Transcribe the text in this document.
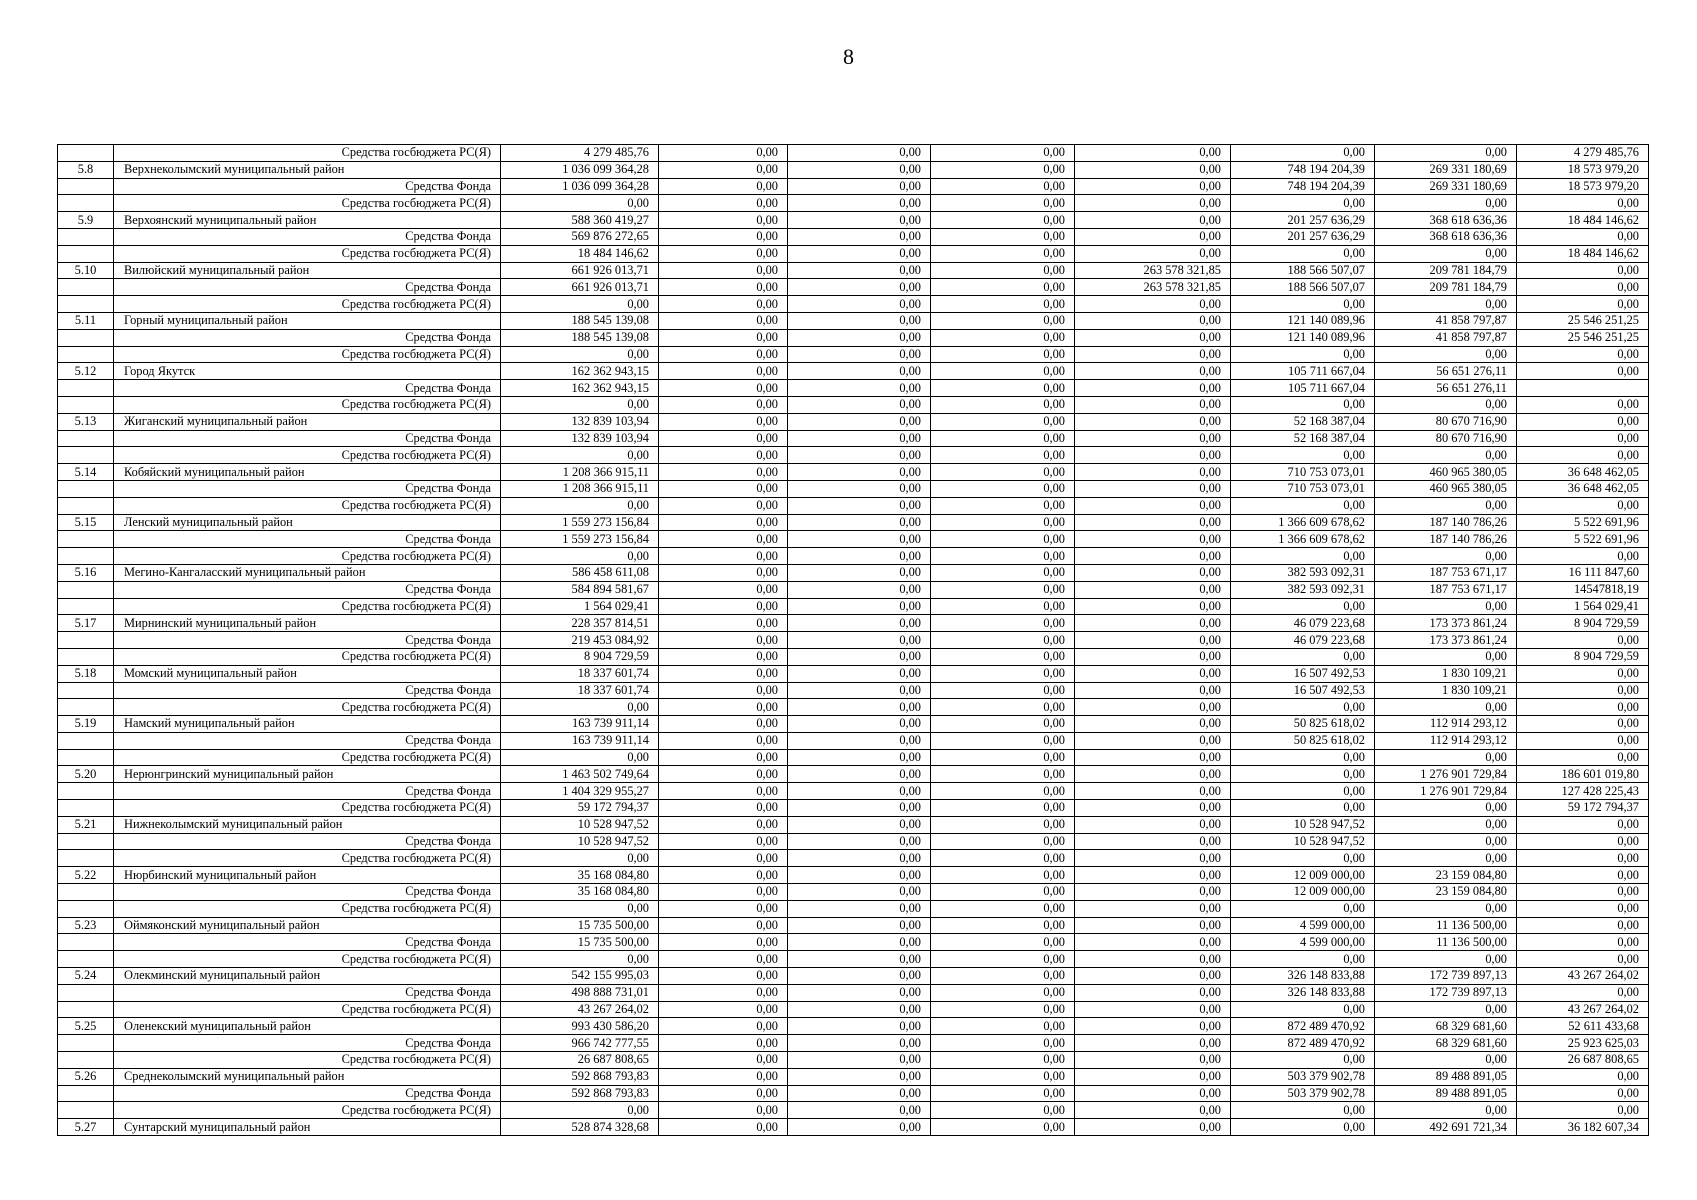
8
	Средства госбюджета РС(Я)	4 279 485,76	0,00	0,00	0,00	0,00	0,00	0,00	4 279 485,76
5.8	Верхнеколымский муниципальный район	1 036 099 364,28	0,00	0,00	0,00	0,00	748 194 204,39	269 331 180,69	18 573 979,20
	Средства Фонда	1 036 099 364,28	0,00	0,00	0,00	0,00	748 194 204,39	269 331 180,69	18 573 979,20
	Средства госбюджета РС(Я)	0,00	0,00	0,00	0,00	0,00	0,00	0,00	0,00
5.9	Верхоянский муниципальный район	588 360 419,27	0,00	0,00	0,00	0,00	201 257 636,29	368 618 636,36	18 484 146,62
	Средства Фонда	569 876 272,65	0,00	0,00	0,00	0,00	201 257 636,29	368 618 636,36	0,00
	Средства госбюджета РС(Я)	18 484 146,62	0,00	0,00	0,00	0,00	0,00	0,00	18 484 146,62
5.10	Вилюйский муниципальный район	661 926 013,71	0,00	0,00	0,00	263 578 321,85	188 566 507,07	209 781 184,79	0,00
	Средства Фонда	661 926 013,71	0,00	0,00	0,00	263 578 321,85	188 566 507,07	209 781 184,79	0,00
	Средства госбюджета РС(Я)	0,00	0,00	0,00	0,00	0,00	0,00	0,00	0,00
5.11	Горный муниципальный район	188 545 139,08	0,00	0,00	0,00	0,00	121 140 089,96	41 858 797,87	25 546 251,25
	Средства Фонда	188 545 139,08	0,00	0,00	0,00	0,00	121 140 089,96	41 858 797,87	25 546 251,25
	Средства госбюджета РС(Я)	0,00	0,00	0,00	0,00	0,00	0,00	0,00	0,00
5.12	Город Якутск	162 362 943,15	0,00	0,00	0,00	0,00	105 711 667,04	56 651 276,11	0,00
	Средства Фонда	162 362 943,15	0,00	0,00	0,00	0,00	105 711 667,04	56 651 276,11	
	Средства госбюджета РС(Я)	0,00	0,00	0,00	0,00	0,00	0,00	0,00	0,00
5.13	Жиганский муниципальный район	132 839 103,94	0,00	0,00	0,00	0,00	52 168 387,04	80 670 716,90	0,00
	Средства Фонда	132 839 103,94	0,00	0,00	0,00	0,00	52 168 387,04	80 670 716,90	0,00
	Средства госбюджета РС(Я)	0,00	0,00	0,00	0,00	0,00	0,00	0,00	0,00
5.14	Кобяйский муниципальный район	1 208 366 915,11	0,00	0,00	0,00	0,00	710 753 073,01	460 965 380,05	36 648 462,05
	Средства Фонда	1 208 366 915,11	0,00	0,00	0,00	0,00	710 753 073,01	460 965 380,05	36 648 462,05
	Средства госбюджета РС(Я)	0,00	0,00	0,00	0,00	0,00	0,00	0,00	0,00
5.15	Ленский муниципальный район	1 559 273 156,84	0,00	0,00	0,00	0,00	1 366 609 678,62	187 140 786,26	5 522 691,96
	Средства Фонда	1 559 273 156,84	0,00	0,00	0,00	0,00	1 366 609 678,62	187 140 786,26	5 522 691,96
	Средства госбюджета РС(Я)	0,00	0,00	0,00	0,00	0,00	0,00	0,00	0,00
5.16	Мегино-Кангаласский муниципальный район	586 458 611,08	0,00	0,00	0,00	0,00	382 593 092,31	187 753 671,17	16 111 847,60
	Средства Фонда	584 894 581,67	0,00	0,00	0,00	0,00	382 593 092,31	187 753 671,17	14547818,19
	Средства госбюджета РС(Я)	1 564 029,41	0,00	0,00	0,00	0,00	0,00	0,00	1 564 029,41
5.17	Мирнинский муниципальный район	228 357 814,51	0,00	0,00	0,00	0,00	46 079 223,68	173 373 861,24	8 904 729,59
	Средства Фонда	219 453 084,92	0,00	0,00	0,00	0,00	46 079 223,68	173 373 861,24	0,00
	Средства госбюджета РС(Я)	8 904 729,59	0,00	0,00	0,00	0,00	0,00	0,00	8 904 729,59
5.18	Момский муниципальный район	18 337 601,74	0,00	0,00	0,00	0,00	16 507 492,53	1 830 109,21	0,00
	Средства Фонда	18 337 601,74	0,00	0,00	0,00	0,00	16 507 492,53	1 830 109,21	0,00
	Средства госбюджета РС(Я)	0,00	0,00	0,00	0,00	0,00	0,00	0,00	0,00
5.19	Намский муниципальный район	163 739 911,14	0,00	0,00	0,00	0,00	50 825 618,02	112 914 293,12	0,00
	Средства Фонда	163 739 911,14	0,00	0,00	0,00	0,00	50 825 618,02	112 914 293,12	0,00
	Средства госбюджета РС(Я)	0,00	0,00	0,00	0,00	0,00	0,00	0,00	0,00
5.20	Нерюнгринский муниципальный район	1 463 502 749,64	0,00	0,00	0,00	0,00	0,00	1 276 901 729,84	186 601 019,80
	Средства Фонда	1 404 329 955,27	0,00	0,00	0,00	0,00	0,00	1 276 901 729,84	127 428 225,43
	Средства госбюджета РС(Я)	59 172 794,37	0,00	0,00	0,00	0,00	0,00	0,00	59 172 794,37
5.21	Нижнеколымский муниципальный район	10 528 947,52	0,00	0,00	0,00	0,00	10 528 947,52	0,00	0,00
	Средства Фонда	10 528 947,52	0,00	0,00	0,00	0,00	10 528 947,52	0,00	0,00
	Средства госбюджета РС(Я)	0,00	0,00	0,00	0,00	0,00	0,00	0,00	0,00
5.22	Нюрбинский муниципальный район	35 168 084,80	0,00	0,00	0,00	0,00	12 009 000,00	23 159 084,80	0,00
	Средства Фонда	35 168 084,80	0,00	0,00	0,00	0,00	12 009 000,00	23 159 084,80	0,00
	Средства госбюджета РС(Я)	0,00	0,00	0,00	0,00	0,00	0,00	0,00	0,00
5.23	Оймяконский муниципальный район	15 735 500,00	0,00	0,00	0,00	0,00	4 599 000,00	11 136 500,00	0,00
	Средства Фонда	15 735 500,00	0,00	0,00	0,00	0,00	4 599 000,00	11 136 500,00	0,00
	Средства госбюджета РС(Я)	0,00	0,00	0,00	0,00	0,00	0,00	0,00	0,00
5.24	Олекминский муниципальный район	542 155 995,03	0,00	0,00	0,00	0,00	326 148 833,88	172 739 897,13	43 267 264,02
	Средства Фонда	498 888 731,01	0,00	0,00	0,00	0,00	326 148 833,88	172 739 897,13	0,00
	Средства госбюджета РС(Я)	43 267 264,02	0,00	0,00	0,00	0,00	0,00	0,00	43 267 264,02
5.25	Оленекский муниципальный район	993 430 586,20	0,00	0,00	0,00	0,00	872 489 470,92	68 329 681,60	52 611 433,68
	Средства Фонда	966 742 777,55	0,00	0,00	0,00	0,00	872 489 470,92	68 329 681,60	25 923 625,03
	Средства госбюджета РС(Я)	26 687 808,65	0,00	0,00	0,00	0,00	0,00	0,00	26 687 808,65
5.26	Среднеколымский муниципальный район	592 868 793,83	0,00	0,00	0,00	0,00	503 379 902,78	89 488 891,05	0,00
	Средства Фонда	592 868 793,83	0,00	0,00	0,00	0,00	503 379 902,78	89 488 891,05	0,00
	Средства госбюджета РС(Я)	0,00	0,00	0,00	0,00	0,00	0,00	0,00	0,00
5.27	Сунтарский муниципальный район	528 874 328,68	0,00	0,00	0,00	0,00	0,00	492 691 721,34	36 182 607,34
